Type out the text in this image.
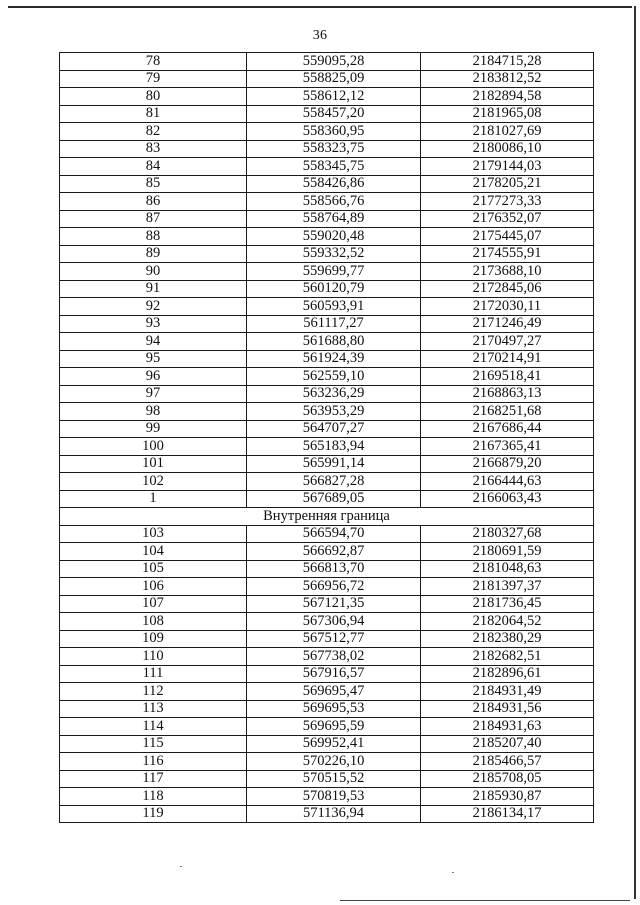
36
78	559095,28	2184715,28
79	558825,09	2183812,52
80	558612,12	2182894,58
81	558457,20	2181965,08
82	558360,95	2181027,69
83	558323,75	2180086,10
84	558345,75	2179144,03
85	558426,86	2178205,21
86	558566,76	2177273,33
87	558764,89	2176352,07
88	559020,48	2175445,07
89	559332,52	2174555,91
90	559699,77	2173688,10
91	560120,79	2172845,06
92	560593,91	2172030,11
93	561117,27	2171246,49
94	561688,80	2170497,27
95	561924,39	2170214,91
96	562559,10	2169518,41
97	563236,29	2168863,13
98	563953,29	2168251,68
99	564707,27	2167686,44
100	565183,94	2167365,41
101	565991,14	2166879,20
102	566827,28	2166444,63
1	567689,05	2166063,43
Внутренняя граница		
103	566594,70	2180327,68
104	566692,87	2180691,59
105	566813,70	2181048,63
106	566956,72	2181397,37
107	567121,35	2181736,45
108	567306,94	2182064,52
109	567512,77	2182380,29
110	567738,02	2182682,51
111	567916,57	2182896,61
112	569695,47	2184931,49
113	569695,53	2184931,56
114	569695,59	2184931,63
115	569952,41	2185207,40
116	570226,10	2185466,57
117	570515,52	2185708,05
118	570819,53	2185930,87
119	571136,94	2186134,17
